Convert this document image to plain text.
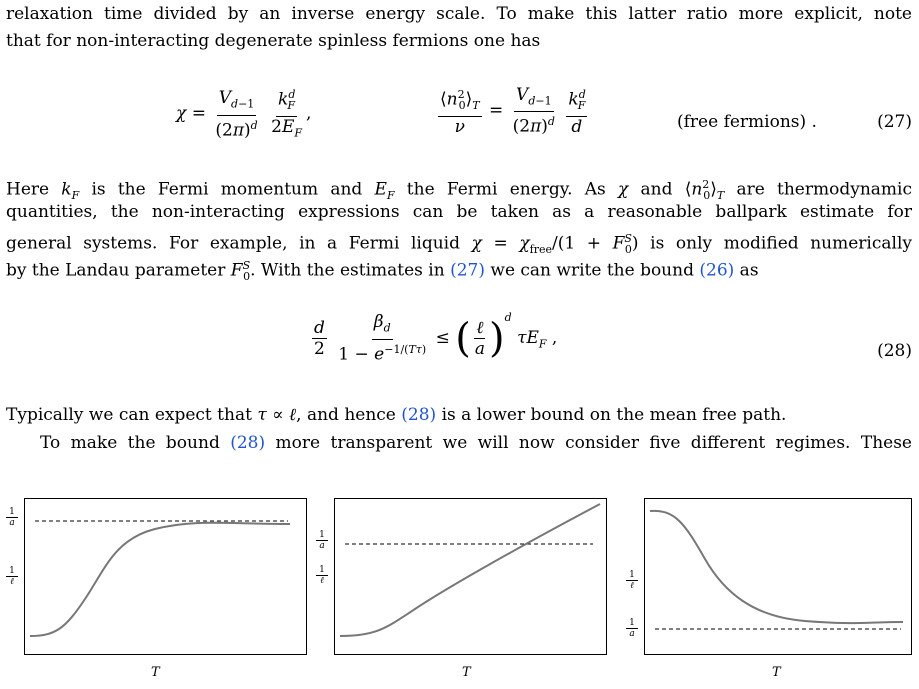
relaxation time divided by an inverse energy scale. To make this latter ratio more explicit, note
that for non-interacting degenerate spinless fermions one has
$\chi = \frac{V_{d-1}}{(2\pi)^d}$
$\frac{k^d_F}{2E_F}$ ,	$\frac{⟨n^2_0⟩_T}{\nu} = \frac{V_{d-1}}{(2\pi)^d}$
$\frac{k^d_F}{d}$	(free fermions) .	(27)
Here $k_F$ is the Fermi momentum and $E_F$ the Fermi energy. As χ and $⟨n^2_0⟩_T$ are thermodynamic
quantities, the non-interacting expressions can be taken as a reasonable ballpark estimate for
general systems. For example, in a Fermi liquid $\chi = \chi_{free}/(1 + F^S_0)$ is only modified numerically
by the Landau parameter $F^S_0$. With the estimates in (27) we can write the bound (26) as
$\frac{d}{2}$
$\frac{\beta_d}{1 - e^{-1/(T\tau)}}$ ≤ ( $\frac{\text{ℓ}}{a} )^d$ $\tau E_F$ ,
(28)
Typically we can expect that τ ∝ ℓ, and hence (28) is a lower bound on the mean free path.
To make the bound (28) more transparent we will now consider five different regimes. These
1
a
1
ℓ
T
1
a
1
ℓ
T
1
ℓ
1
a
T
